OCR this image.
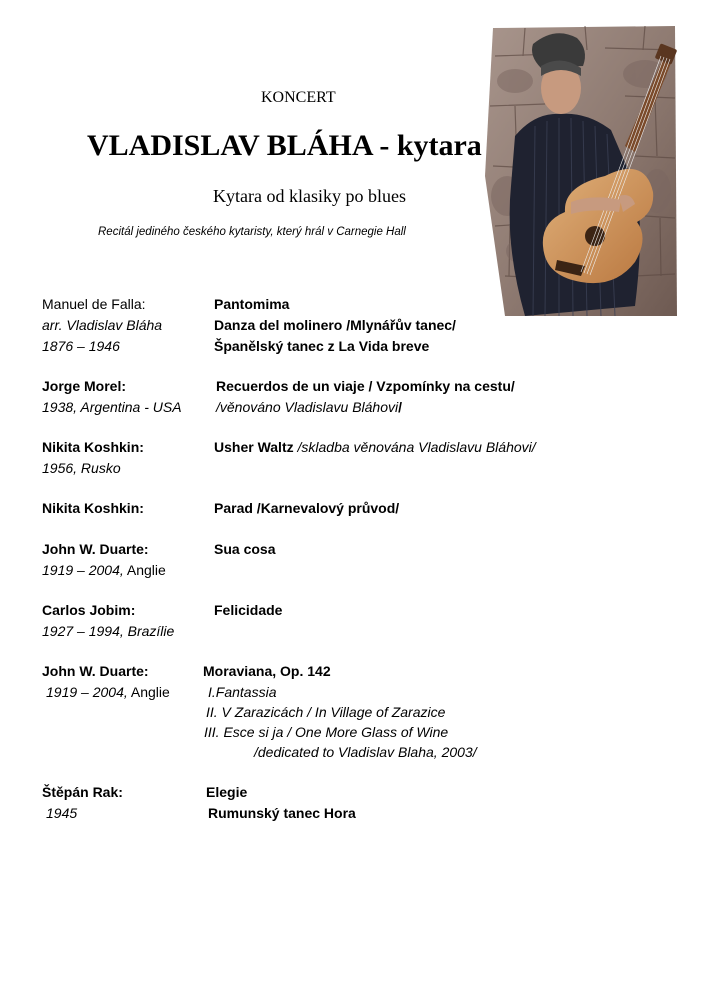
KONCERT
VLADISLAV BLÁHA - kytara
Kytara od klasiky po blues
Recitál jediného českého kytaristy, který hrál v Carnegie Hall
Manuel de Falla:	Pantomima
arr. Vladislav Bláha	Danza del molinero /Mlynářův tanec/
1876 – 1946	Španělský tanec z La Vida breve
Jorge Morel:	Recuerdos de un viaje / Vzpomínky na cestu/
1938, Argentina - USA /věnováno Vladislavu Bláhovi/
Nikita Koshkin:	Usher Waltz /skladba věnována Vladislavu Bláhovi/
1956, Rusko
Nikita Koshkin:	Parad /Karnevalový průvod/
John W. Duarte:	Sua cosa
1919 – 2004, Anglie
Carlos Jobim:	Felicidade
1927 – 1994, Brazílie
John W. Duarte:	Moraviana, Op. 142
1919 – 2004, Anglie	I.Fantassia
II. V Zarazicách / In Village of Zarazice
III. Esce si ja / One More Glass of Wine
/dedicated to Vladislav Blaha, 2003/
Štěpán Rak:	Elegie
1945	Rumunský tanec Hora
